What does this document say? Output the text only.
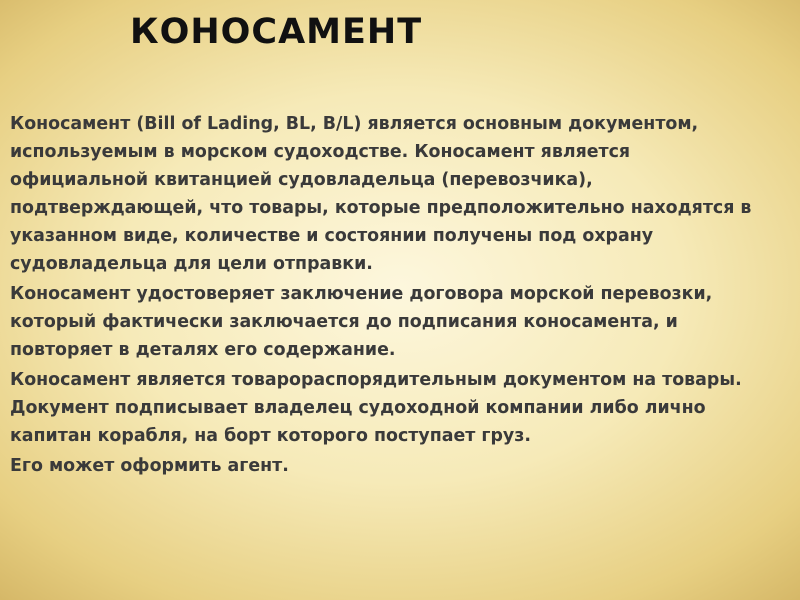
КОНОСАМЕНТ
Коносамент (Bill of Lading, BL, B/L) является основным документом,
используемым в морском судоходстве. Коносамент является
официальной квитанцией судовладельца (перевозчика),
подтверждающей, что товары, которые предположительно находятся в
указанном виде, количестве и состоянии получены под охрану
судовладельца для цели отправки.
Коносамент удостоверяет заключение договора морской перевозки,
который фактически заключается до подписания коносамента, и
повторяет в деталях его содержание.
Коносамент является товарораспорядительным документом на товары.
Документ подписывает владелец судоходной компании либо лично
капитан корабля, на борт которого поступает груз.
Его может оформить агент.
